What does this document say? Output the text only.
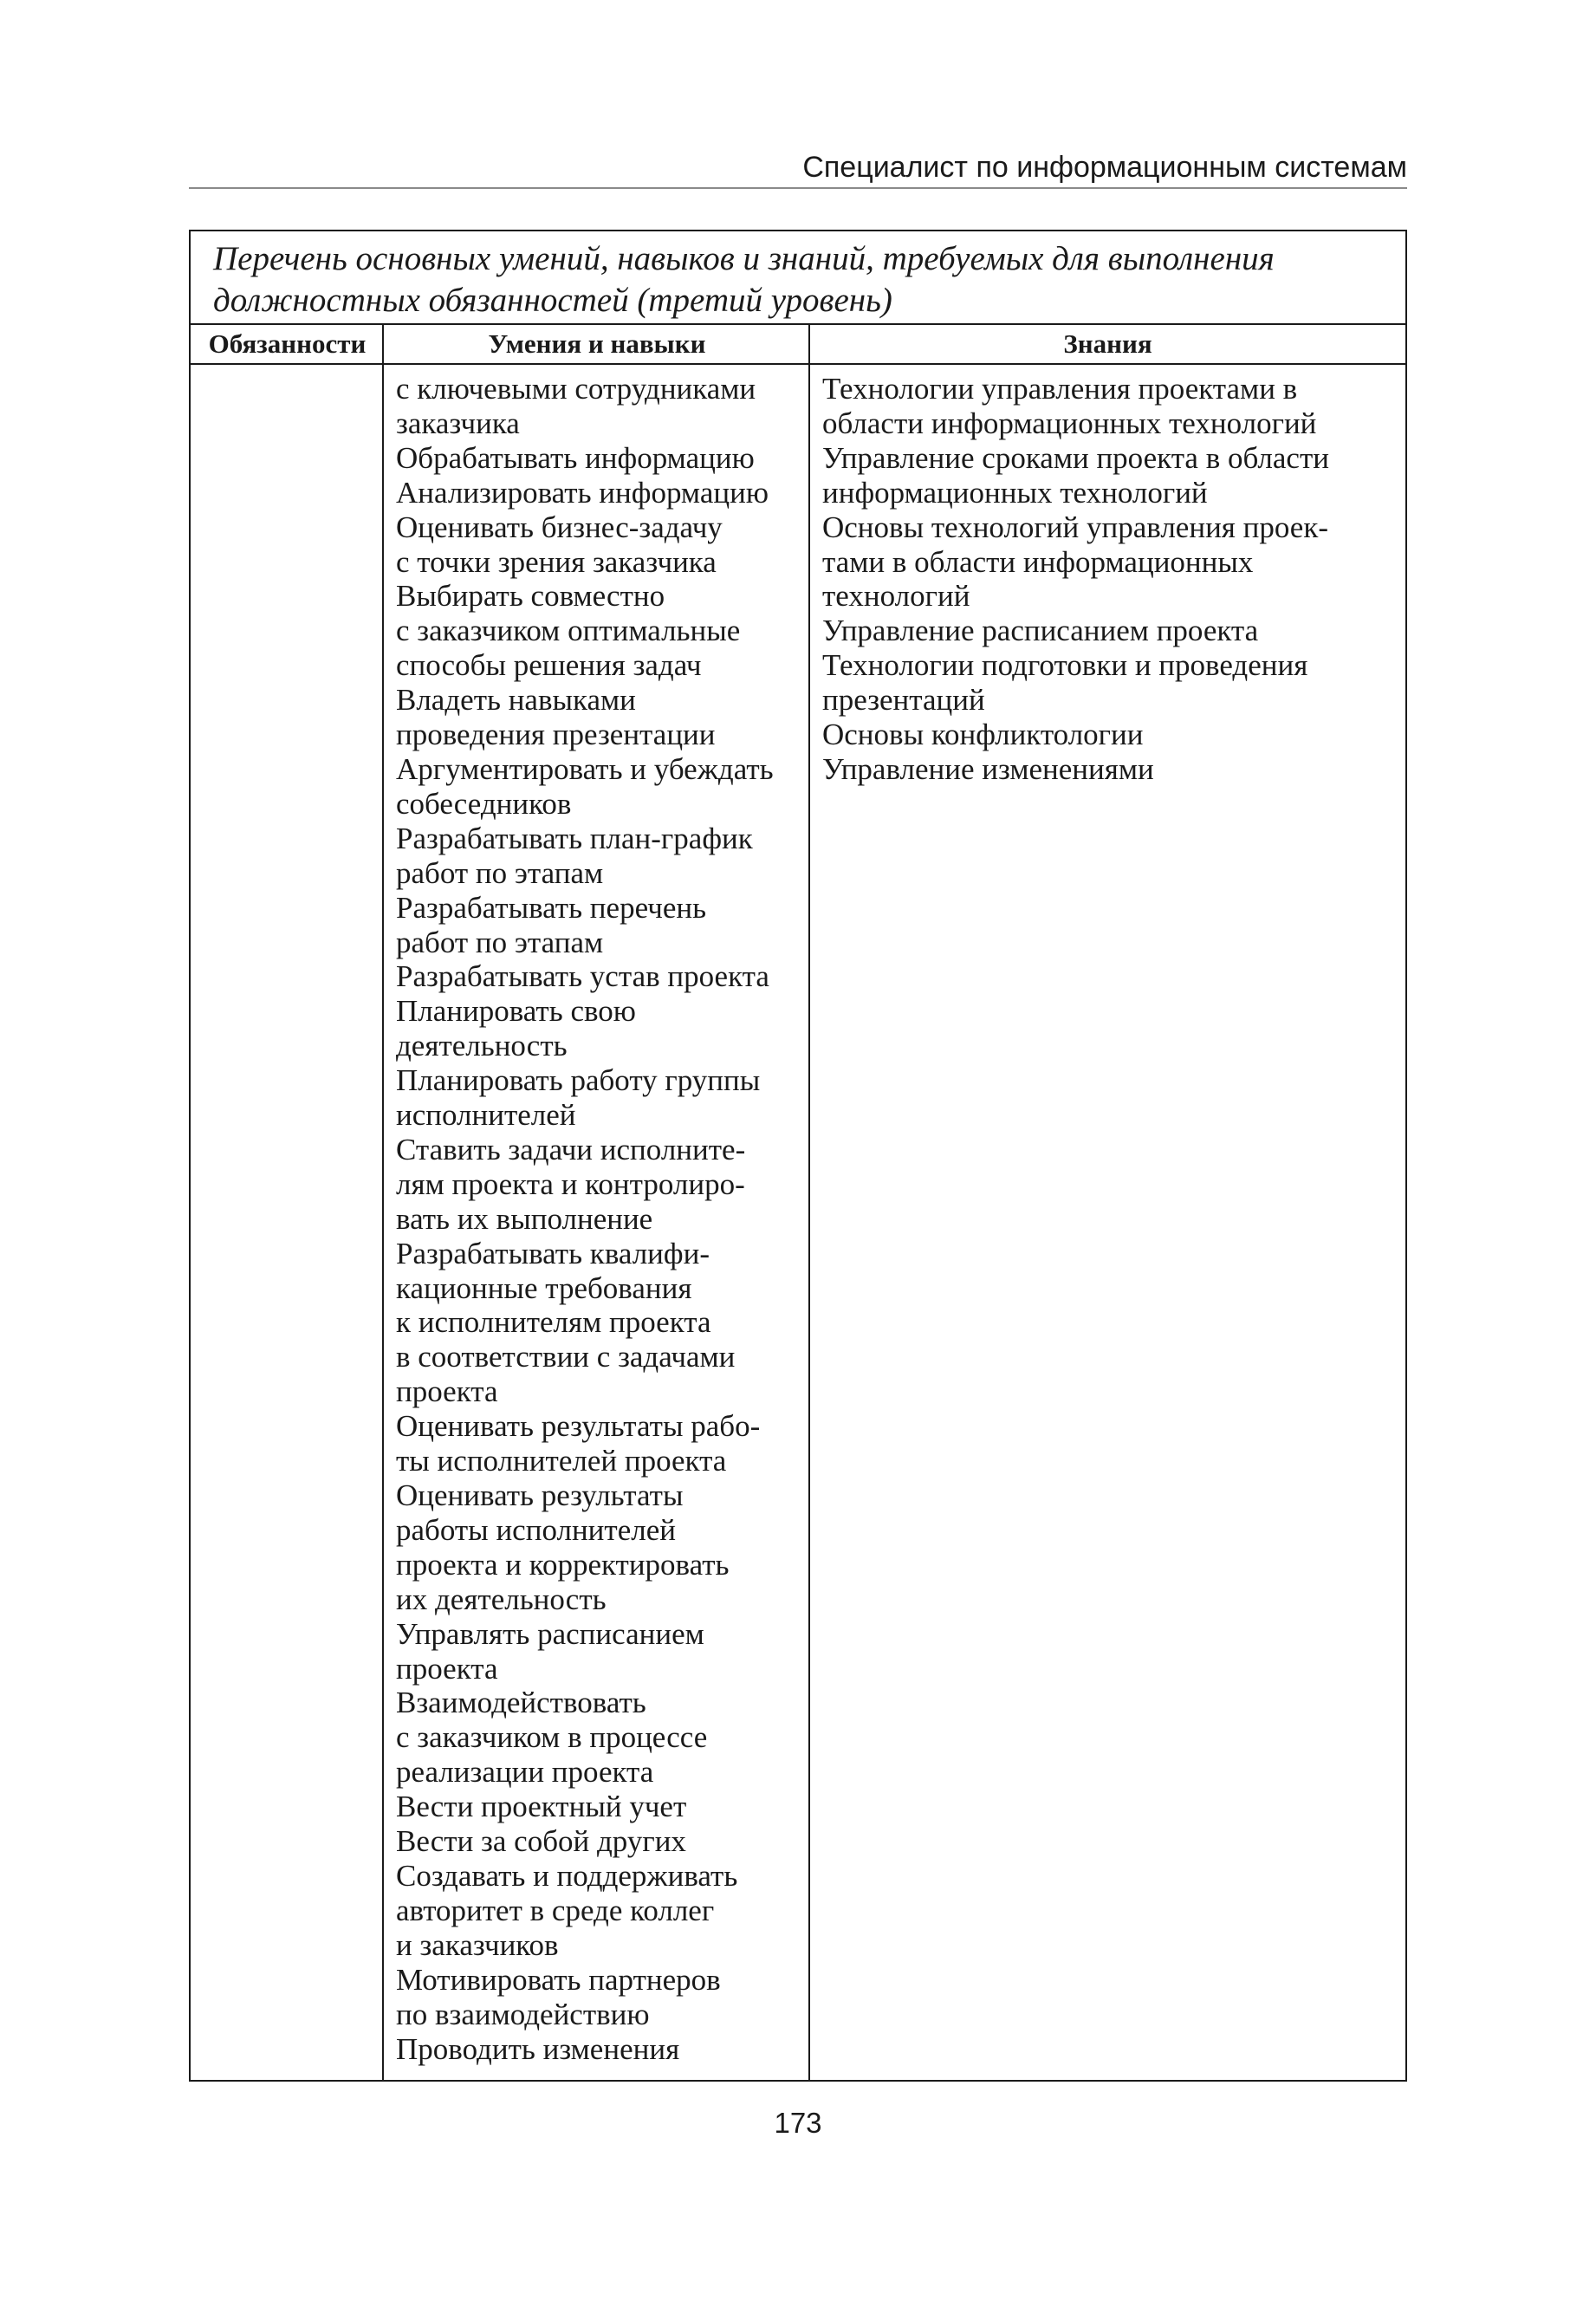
Специалист по информационным системам
Перечень основных умений, навыков и знаний, требуемых для выполнения
должностных обязанностей (третий уровень)
Обязанности	Умения и навыки	Знания
с ключевыми сотрудниками
заказчика
Обрабатывать информацию
Анализировать информацию
Оценивать бизнес-задачу
с точки зрения заказчика
Выбирать совместно
с заказчиком оптимальные
способы решения задач
Владеть навыками
проведения презентации
Аргументировать и убеждать
собеседников
Разрабатывать план-график
работ по этапам
Разрабатывать перечень
работ по этапам
Разрабатывать устав проекта
Планировать свою
деятельность
Планировать работу группы
исполнителей
Ставить задачи исполните-
лям проекта и контролиро-
вать их выполнение
Разрабатывать квалифи-
кационные требования
к исполнителям проекта
в соответствии с задачами
проекта
Оценивать результаты рабо-
ты исполнителей проекта
Оценивать результаты
работы исполнителей
проекта и корректировать
их деятельность
Управлять расписанием
проекта
Взаимодействовать
с заказчиком в процессе
реализации проекта
Вести проектный учет
Вести за собой других
Создавать и поддерживать
авторитет в среде коллег
и заказчиков
Мотивировать партнеров
по взаимодействию
Проводить изменения
Технологии управления проектами в
области информационных технологий
Управление сроками проекта в области
информационных технологий
Основы технологий управления проек-
тами в области информационных
технологий
Управление расписанием проекта
Технологии подготовки и проведения
презентаций
Основы конфликтологии
Управление изменениями
173
